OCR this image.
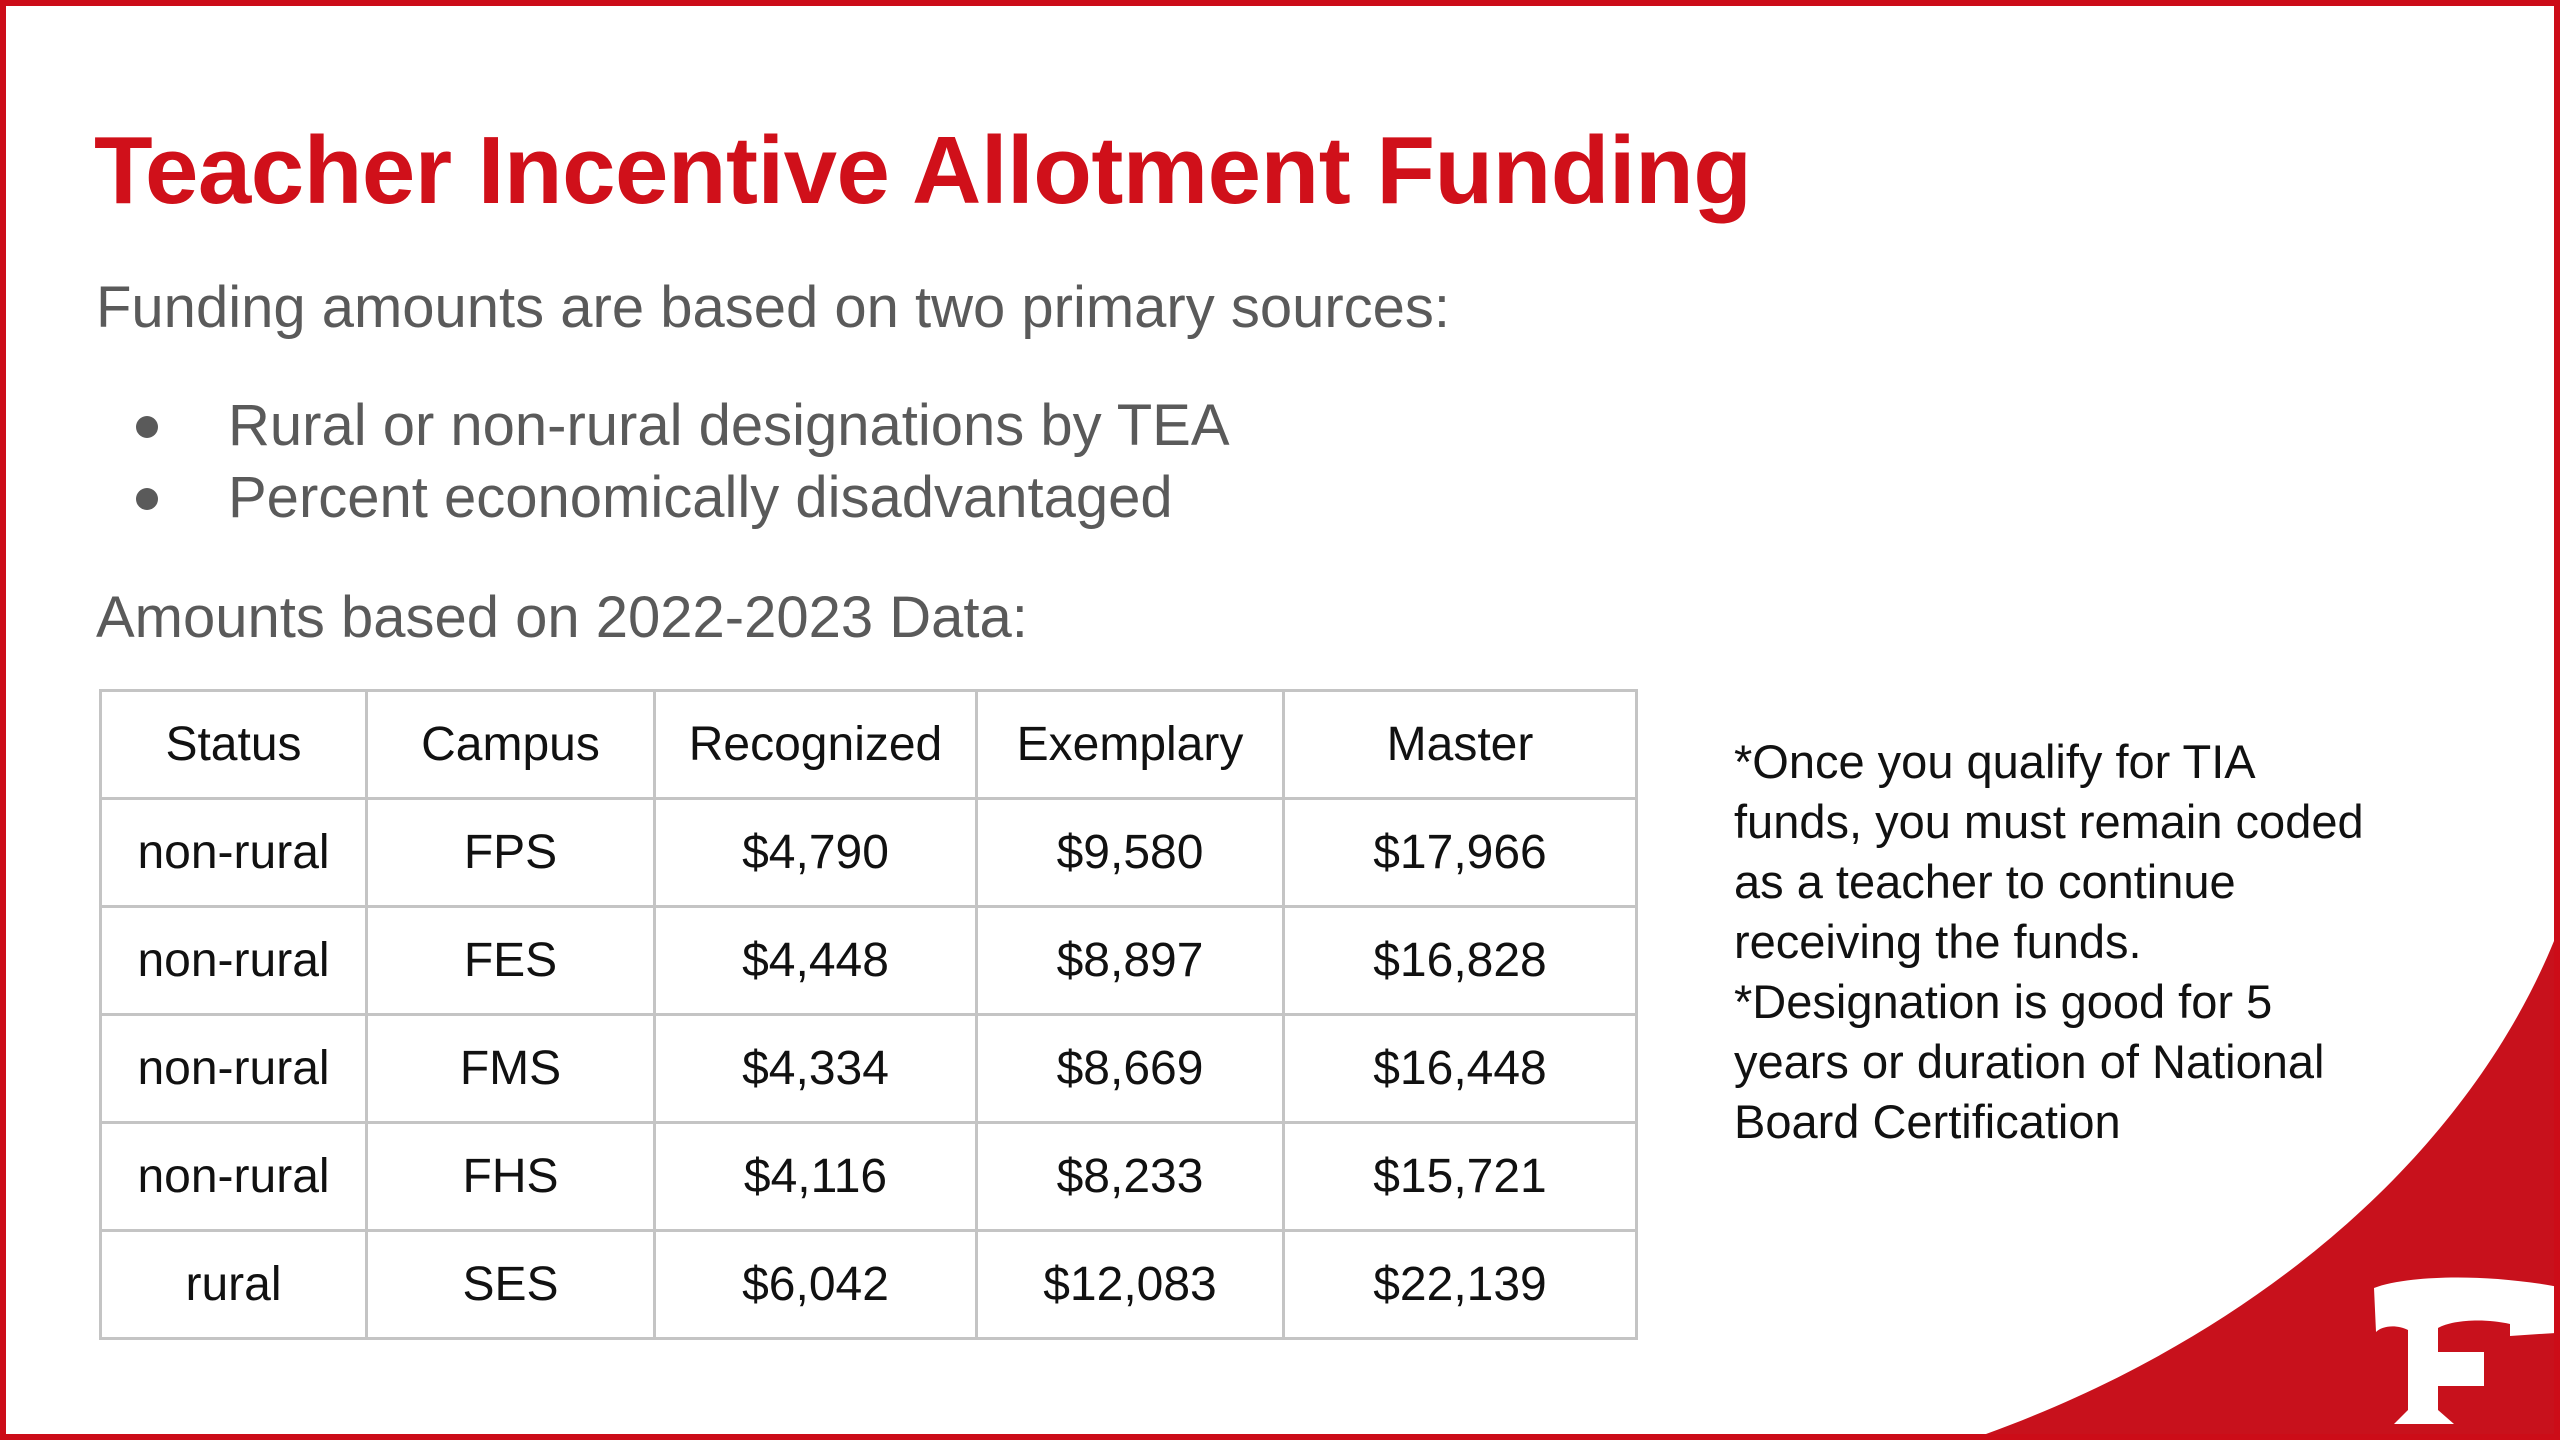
Teacher Incentive Allotment Funding
Funding amounts are based on two primary sources:
Rural or non-rural designations by TEA
Percent economically disadvantaged
Amounts based on 2022-2023 Data:
Status	Campus	Recognized	Exemplary	Master
non-rural	FPS	$4,790	$9,580	$17,966
non-rural	FES	$4,448	$8,897	$16,828
non-rural	FMS	$4,334	$8,669	$16,448
non-rural	FHS	$4,116	$8,233	$15,721
rural	SES	$6,042	$12,083	$22,139

*Once you qualify for TIA funds, you must remain coded as a teacher to continue receiving the funds.

*Designation is good for 5 years or duration of National Board Certification
